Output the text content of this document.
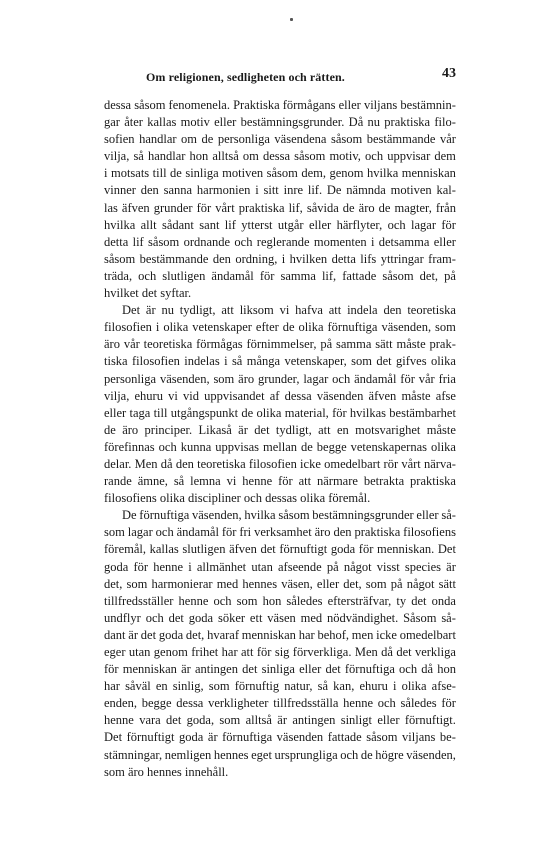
Om religionen, sedligheten och rätten.	43
dessa såsom fenomenela. Praktiska förmågans eller viljans bestämnin-
gar åter kallas motiv eller bestämningsgrunder. Då nu praktiska filo-
sofien handlar om de personliga väsendena såsom bestämmande vår
vilja, så handlar hon alltså om dessa såsom motiv, och uppvisar dem
i motsats till de sinliga motiven såsom dem, genom hvilka menniskan
vinner den sanna harmonien i sitt inre lif. De nämnda motiven kal-
las äfven grunder för vårt praktiska lif, såvida de äro de magter, från
hvilka allt sådant sant lif ytterst utgår eller härflyter, och lagar för
detta lif såsom ordnande och reglerande momenten i detsamma eller
såsom bestämmande den ordning, i hvilken detta lifs yttringar fram-
träda, och slutligen ändamål för samma lif, fattade såsom det, på
hvilket det syftar.
Det är nu tydligt, att liksom vi hafva att indela den teoretiska
filosofien i olika vetenskaper efter de olika förnuftiga väsenden, som
äro vår teoretiska förmågas förnimmelser, på samma sätt måste prak-
tiska filosofien indelas i så många vetenskaper, som det gifves olika
personliga väsenden, som äro grunder, lagar och ändamål för vår fria
vilja, ehuru vi vid uppvisandet af dessa väsenden äfven måste afse
eller taga till utgångspunkt de olika material, för hvilkas bestämbarhet
de äro principer. Likaså är det tydligt, att en motsvarighet måste
förefinnas och kunna uppvisas mellan de begge vetenskapernas olika
delar. Men då den teoretiska filosofien icke omedelbart rör vårt närva-
rande ämne, så lemna vi henne för att närmare betrakta praktiska
filosofiens olika discipliner och dessas olika föremål.
De förnuftiga väsenden, hvilka såsom bestämningsgrunder eller så-
som lagar och ändamål för fri verksamhet äro den praktiska filosofiens
föremål, kallas slutligen äfven det förnuftigt goda för menniskan. Det
goda för henne i allmänhet utan afseende på något visst species är
det, som harmonierar med hennes väsen, eller det, som på något sätt
tillfredsställer henne och som hon således eftersträfvar, ty det onda
undflyr och det goda söker ett väsen med nödvändighet. Såsom så-
dant är det goda det, hvaraf menniskan har behof, men icke omedelbart
eger utan genom frihet har att för sig förverkliga. Men då det verkliga
för menniskan är antingen det sinliga eller det förnuftiga och då hon
har såväl en sinlig, som förnuftig natur, så kan, ehuru i olika afse-
enden, begge dessa verkligheter tillfredsställa henne och således för
henne vara det goda, som alltså är antingen sinligt eller förnuftigt.
Det förnuftigt goda är förnuftiga väsenden fattade såsom viljans be-
stämningar, nemligen hennes eget ursprungliga och de högre väsenden,
som äro hennes innehåll.
